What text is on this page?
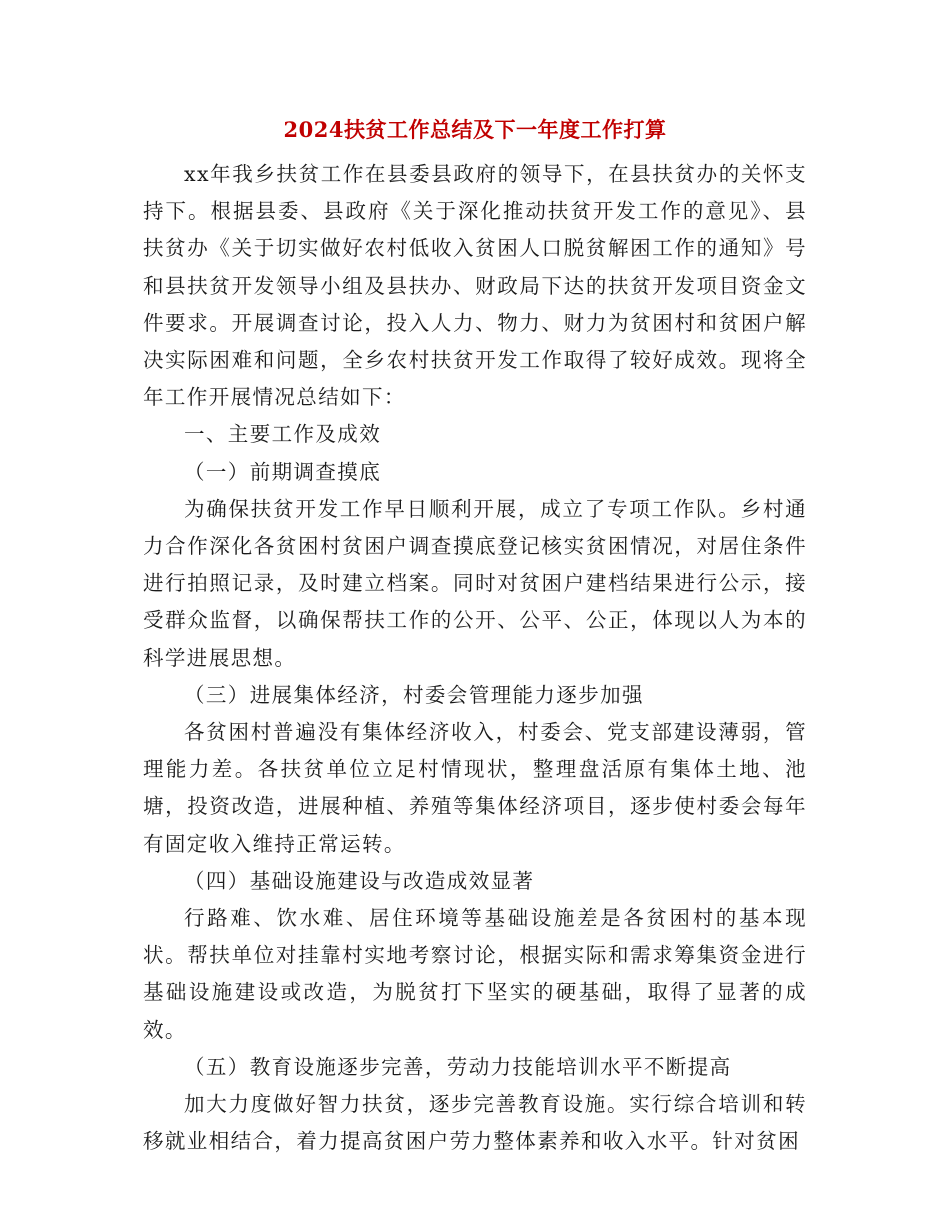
2024扶贫工作总结及下一年度工作打算

xx年我乡扶贫工作在县委县政府的领导下，在县扶贫办的关怀支持下。根据县委、县政府《关于深化推动扶贫开发工作的意见》、县扶贫办《关于切实做好农村低收入贫困人口脱贫解困工作的通知》号和县扶贫开发领导小组及县扶办、财政局下达的扶贫开发项目资金文件要求。开展调查讨论，投入人力、物力、财力为贫困村和贫困户解决实际困难和问题，全乡农村扶贫开发工作取得了较好成效。现将全年工作开展情况总结如下：

一、主要工作及成效

（一）前期调查摸底

为确保扶贫开发工作早日顺利开展，成立了专项工作队。乡村通力合作深化各贫困村贫困户调查摸底登记核实贫困情况，对居住条件进行拍照记录，及时建立档案。同时对贫困户建档结果进行公示，接受群众监督，以确保帮扶工作的公开、公平、公正，体现以人为本的科学进展思想。

（三）进展集体经济，村委会管理能力逐步加强

各贫困村普遍没有集体经济收入，村委会、党支部建设薄弱，管理能力差。各扶贫单位立足村情现状，整理盘活原有集体土地、池塘，投资改造，进展种植、养殖等集体经济项目，逐步使村委会每年有固定收入维持正常运转。

（四）基础设施建设与改造成效显著

行路难、饮水难、居住环境等基础设施差是各贫困村的基本现状。帮扶单位对挂靠村实地考察讨论，根据实际和需求筹集资金进行基础设施建设或改造，为脱贫打下坚实的硬基础，取得了显著的成效。

（五）教育设施逐步完善，劳动力技能培训水平不断提高

加大力度做好智力扶贫，逐步完善教育设施。实行综合培训和转移就业相结合，着力提高贫困户劳力整体素养和收入水平。针对贫困
